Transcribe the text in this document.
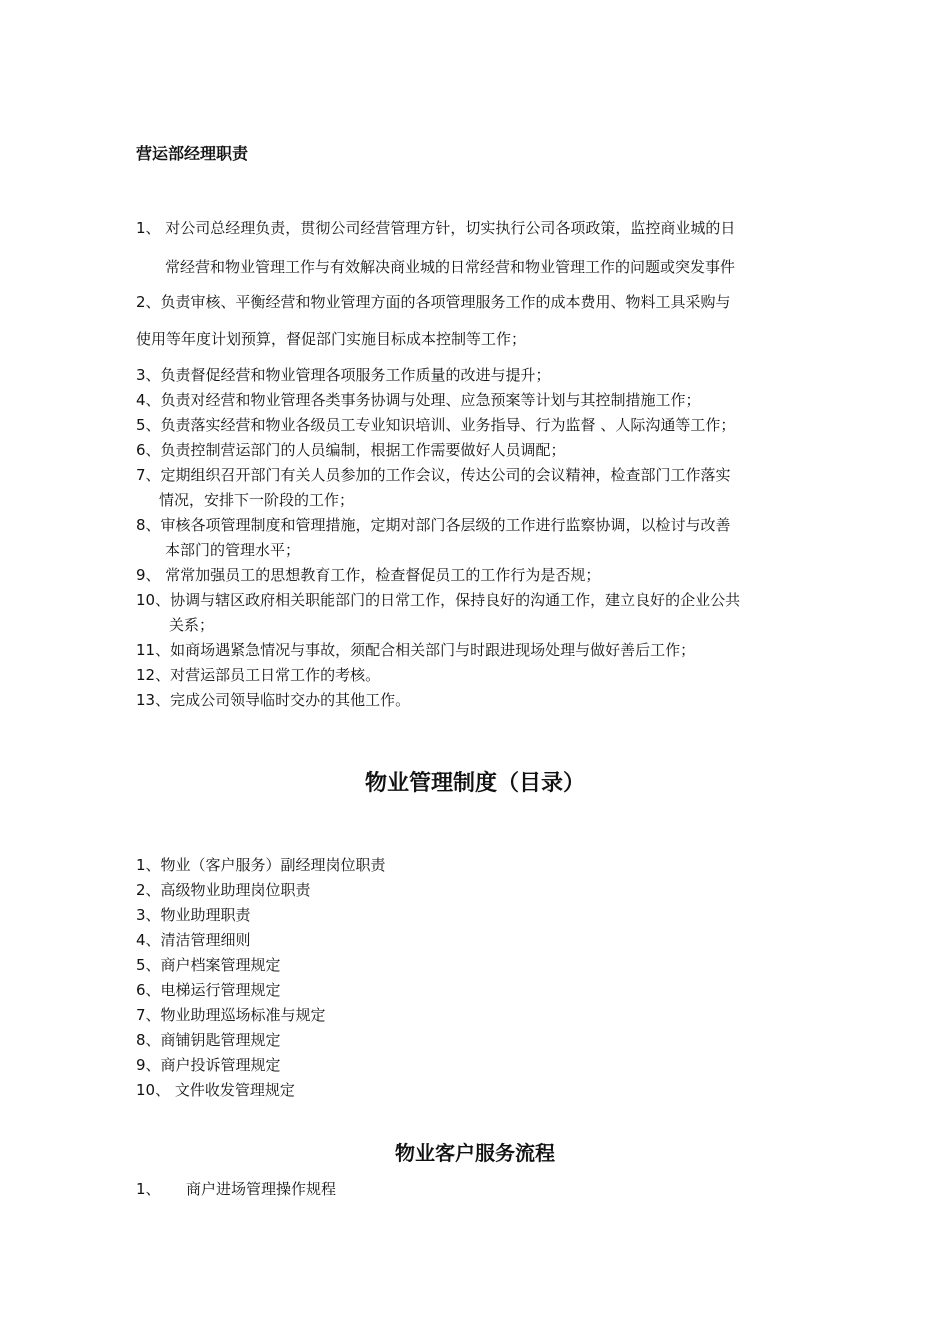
营运部经理职责
1、 对公司总经理负责，贯彻公司经营管理方针，切实执行公司各项政策，监控商业城的日
常经营和物业管理工作与有效解决商业城的日常经营和物业管理工作的问题或突发事件
2、负责审核、平衡经营和物业管理方面的各项管理服务工作的成本费用、物料工具采购与
使用等年度计划预算，督促部门实施目标成本控制等工作；
3、负责督促经营和物业管理各项服务工作质量的改进与提升；
4、负责对经营和物业管理各类事务协调与处理、应急预案等计划与其控制措施工作；
5、负责落实经营和物业各级员工专业知识培训、业务指导、行为监督 、人际沟通等工作；
6、负责控制营运部门的人员编制，根据工作需要做好人员调配；
7、定期组织召开部门有关人员参加的工作会议，传达公司的会议精神，检查部门工作落实
情况，安排下一阶段的工作；
8、审核各项管理制度和管理措施，定期对部门各层级的工作进行监察协调，以检讨与改善
本部门的管理水平；
9、 常常加强员工的思想教育工作，检查督促员工的工作行为是否规；
10、协调与辖区政府相关职能部门的日常工作，保持良好的沟通工作，建立良好的企业公共
关系；
11、如商场遇紧急情况与事故，须配合相关部门与时跟进现场处理与做好善后工作；
12、对营运部员工日常工作的考核。
13、完成公司领导临时交办的其他工作。
物业管理制度（目录）
1、物业（客户服务）副经理岗位职责
2、高级物业助理岗位职责
3、物业助理职责
4、清洁管理细则
5、商户档案管理规定
6、电梯运行管理规定
7、物业助理巡场标准与规定
8、商铺钥匙管理规定
9、商户投诉管理规定
10、 文件收发管理规定
物业客户服务流程
1、 商户进场管理操作规程
